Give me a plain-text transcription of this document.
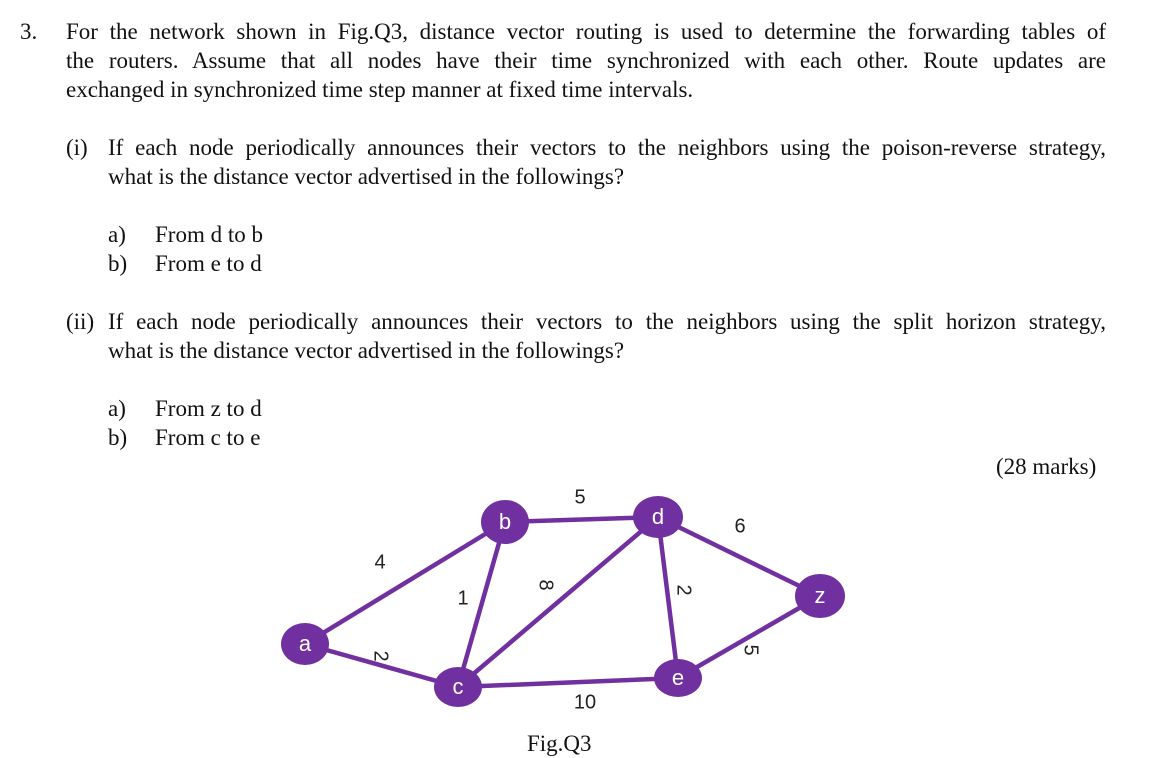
3. For the network shown in Fig.Q3, distance vector routing is used to determine the forwarding tables of
the routers. Assume that all nodes have their time synchronized with each other. Route updates are
exchanged in synchronized time step manner at fixed time intervals.
(i) If each node periodically announces their vectors to the neighbors using the poison-reverse strategy,
what is the distance vector advertised in the followings?
a) From d to b
b) From e to d
(ii) If each node periodically announces their vectors to the neighbors using the split horizon strategy,
what is the distance vector advertised in the followings?
a) From z to d
b) From c to e
(28 marks)
4
2
1
5
8
10
2
6
5
a
b
c
d
e
z
Fig.Q3
